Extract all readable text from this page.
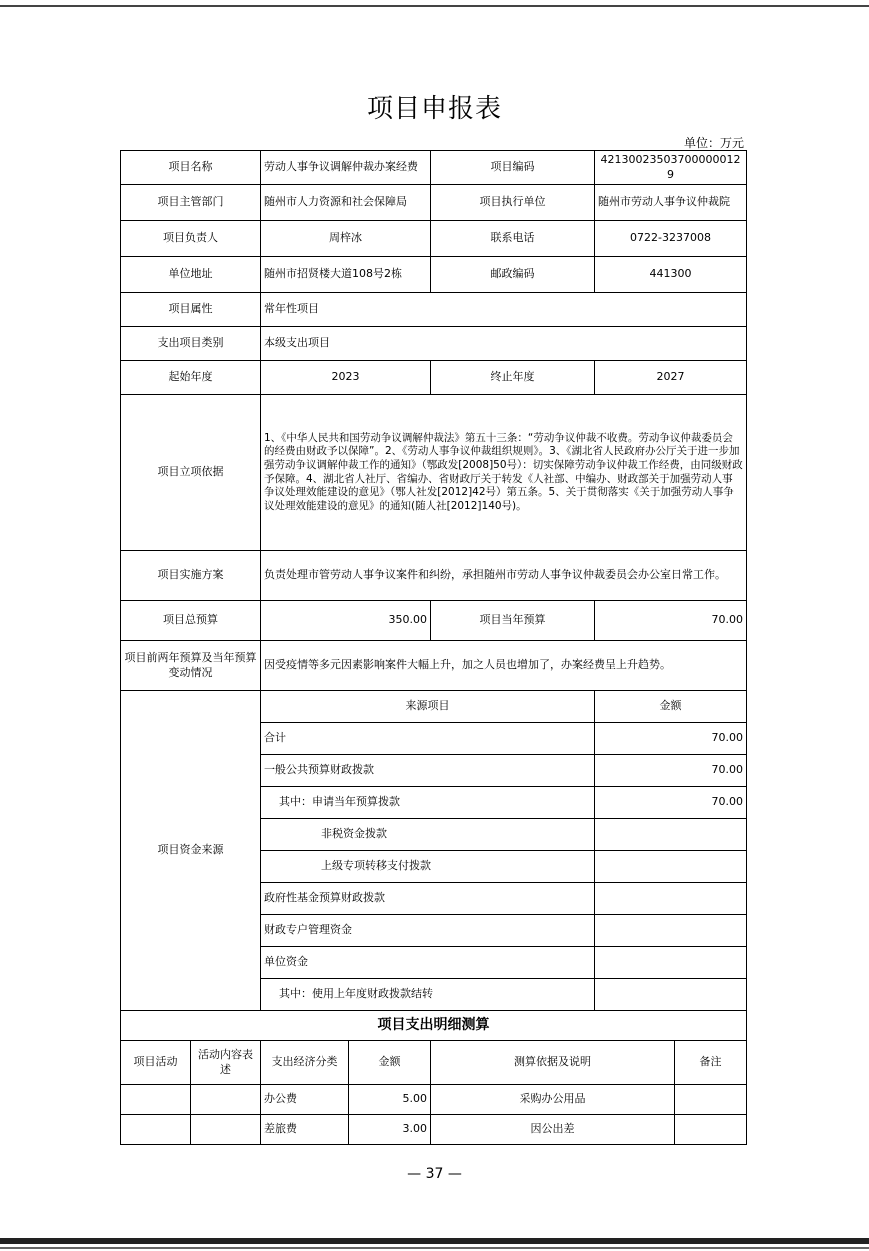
项目申报表
单位：万元
项目名称		劳动人事争议调解仲裁办案经费		项目编码	421300235037000000129	
项目主管部门		随州市人力资源和社会保障局		项目执行单位	随州市劳动人事争议仲裁院	
项目负责人		周梓冰		联系电话	0722-3237008	
单位地址		随州市招贤楼大道108号2栋		邮政编码	441300	
项目属性		常年性项目				
支出项目类别		本级支出项目				
起始年度		2023		终止年度	2027	
项目立项依据		1、《中华人民共和国劳动争议调解仲裁法》第五十三条：“劳动争议仲裁不收费。劳动争议仲裁委员会的经费由财政予以保障”。2、《劳动人事争议仲裁组织规则》。3、《湖北省人民政府办公厅关于进一步加强劳动争议调解仲裁工作的通知》（鄂政发[2008]50号）：切实保障劳动争议仲裁工作经费，由同级财政予保障。4、湖北省人社厅、省编办、省财政厅关于转发《人社部、中编办、财政部关于加强劳动人事争议处理效能建设的意见》（鄂人社发[2012]42号）第五条。5、关于贯彻落实《关于加强劳动人事争议处理效能建设的意见》的通知(随人社[2012]140号)。				
项目实施方案		负责处理市管劳动人事争议案件和纠纷，承担随州市劳动人事争议仲裁委员会办公室日常工作。				
项目总预算		350.00		项目当年预算	70.00	
项目前两年预算及当年预算变动情况		因受疫情等多元因素影响案件大幅上升，加之人员也增加了，办案经费呈上升趋势。				
项目资金来源		来源项目			金额	
		合计			70.00	
		一般公共预算财政拨款			70.00	
		其中：申请当年预算拨款			70.00	
		非税资金拨款				
		上级专项转移支付拨款				
		政府性基金预算财政拨款				
		财政专户管理资金				
		单位资金				
		其中：使用上年度财政拨款结转				
项目支出明细测算						
项目活动	活动内容表述	支出经济分类	金额	测算依据及说明		备注
		办公费	5.00	采购办公用品		
		差旅费	3.00	因公出差		
— 37 —
